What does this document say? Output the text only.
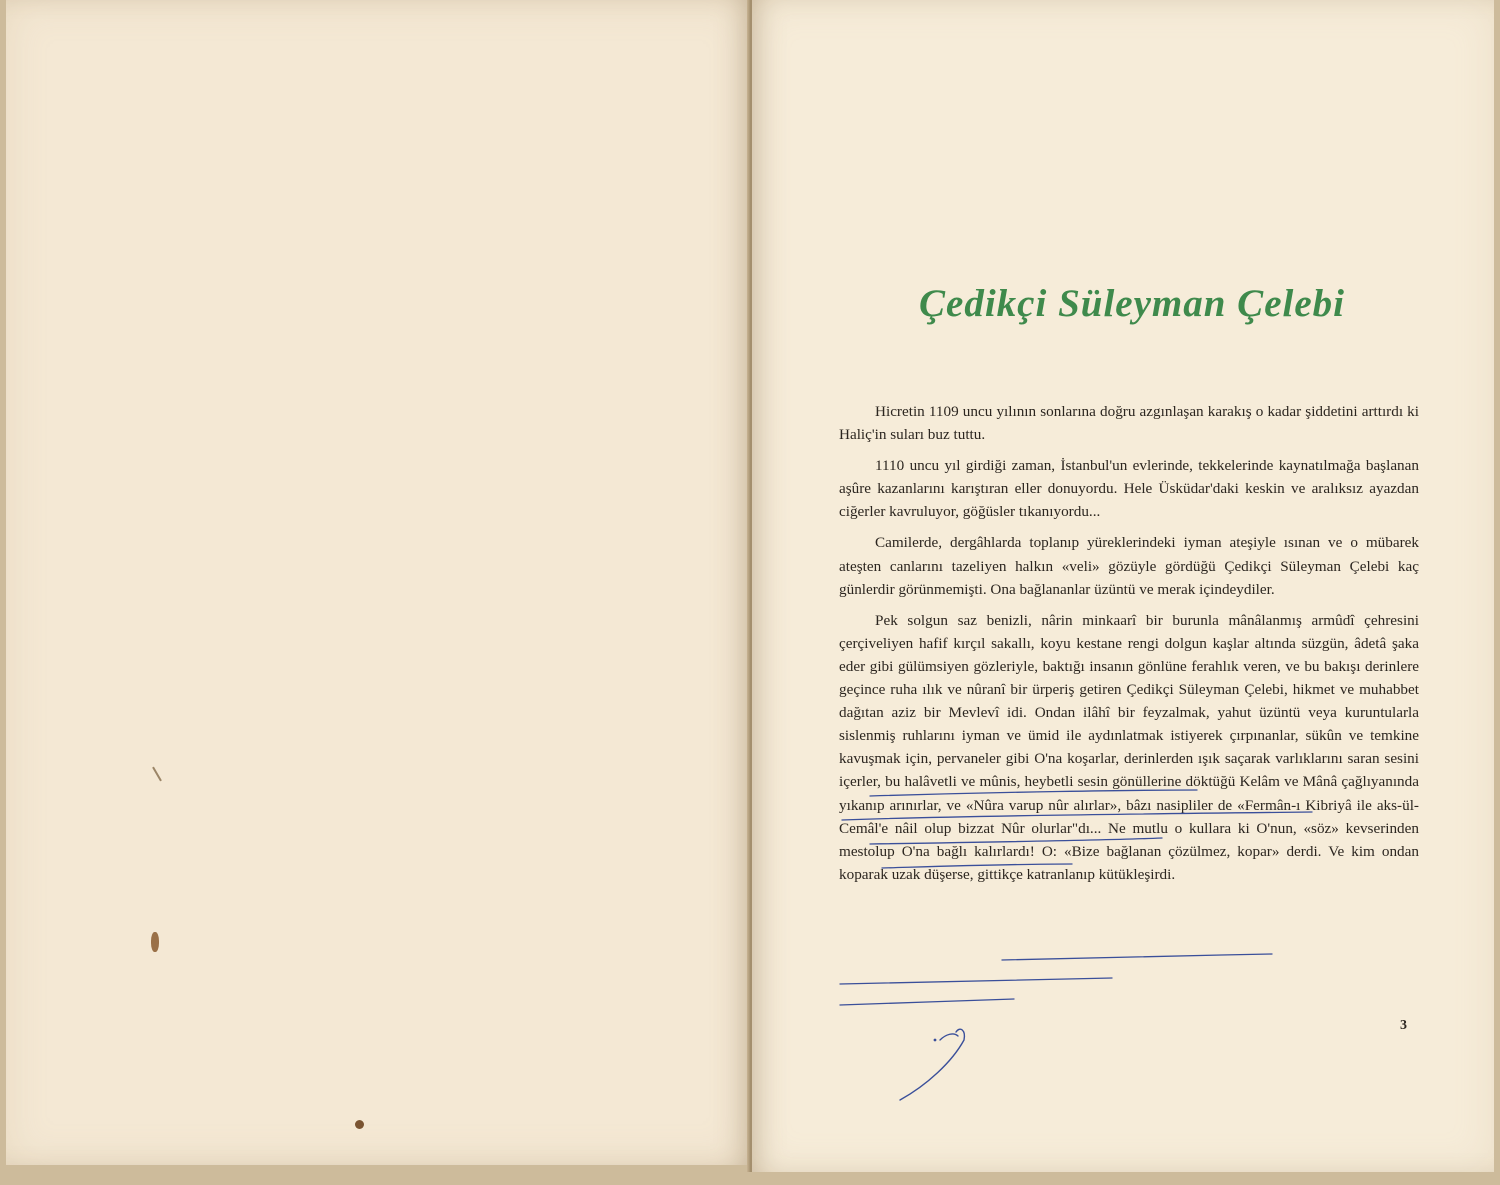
Çedikçi Süleyman Çelebi

Hicretin 1109 uncu yılının sonlarına doğru azgınlaşan karakış o kadar şiddetini arttırdı ki Haliç'in suları buz tuttu.

1110 uncu yıl girdiği zaman, İstanbul'un evlerinde, tekkelerinde kaynatılmağa başlanan aşûre kazanlarını karıştıran eller donuyordu. Hele Üsküdar'daki keskin ve aralıksız ayazdan ciğerler kavruluyor, göğüsler tıkanıyordu...

Camilerde, dergâhlarda toplanıp yüreklerindeki iyman ateşiyle ısınan ve o mübarek ateşten canlarını tazeliyen halkın «veli» gözüyle gördüğü Çedikçi Süleyman Çelebi kaç günlerdir görünmemişti. Ona bağlananlar üzüntü ve merak içindeydiler.

Pek solgun saz benizli, nârin minkaarî bir burunla mânâlanmış armûdî çehresini çerçiveliyen hafif kırçıl sakallı, koyu kestane rengi dolgun kaşlar altında süzgün, âdetâ şaka eder gibi gülümsiyen gözleriyle, baktığı insanın gönlüne ferahlık veren, ve bu bakışı derinlere geçince ruha ılık ve nûranî bir ürperiş getiren Çedikçi Süleyman Çelebi, hikmet ve muhabbet dağıtan aziz bir Mevlevî idi. Ondan ilâhî bir feyzalmak, yahut üzüntü veya kuruntularla sislenmiş ruhlarını iyman ve ümid ile aydınlatmak istiyerek çırpınanlar, sükûn ve temkine kavuşmak için, pervaneler gibi O'na koşarlar, derinlerden ışık saçarak varlıklarını saran sesini içerler, bu halâvetli ve mûnis, heybetli sesin gönüllerine döktüğü Kelâm ve Mânâ çağlıyanında yıkanıp arınırlar, ve «Nûra varup nûr alırlar», bâzı nasipliler de «Fermân-ı Kibriyâ ile aks-ül-Cemâl'e nâil olup bizzat Nûr olurlar"dı... Ne mutlu o kullara ki O'nun, «söz» kevserinden mestolup O'na bağlı kalırlardı! O: «Bize bağlanan çözülmez, kopar» derdi. Ve kim ondan koparak uzak düşerse, gittikçe katranlanıp kütükleşirdi.

3
